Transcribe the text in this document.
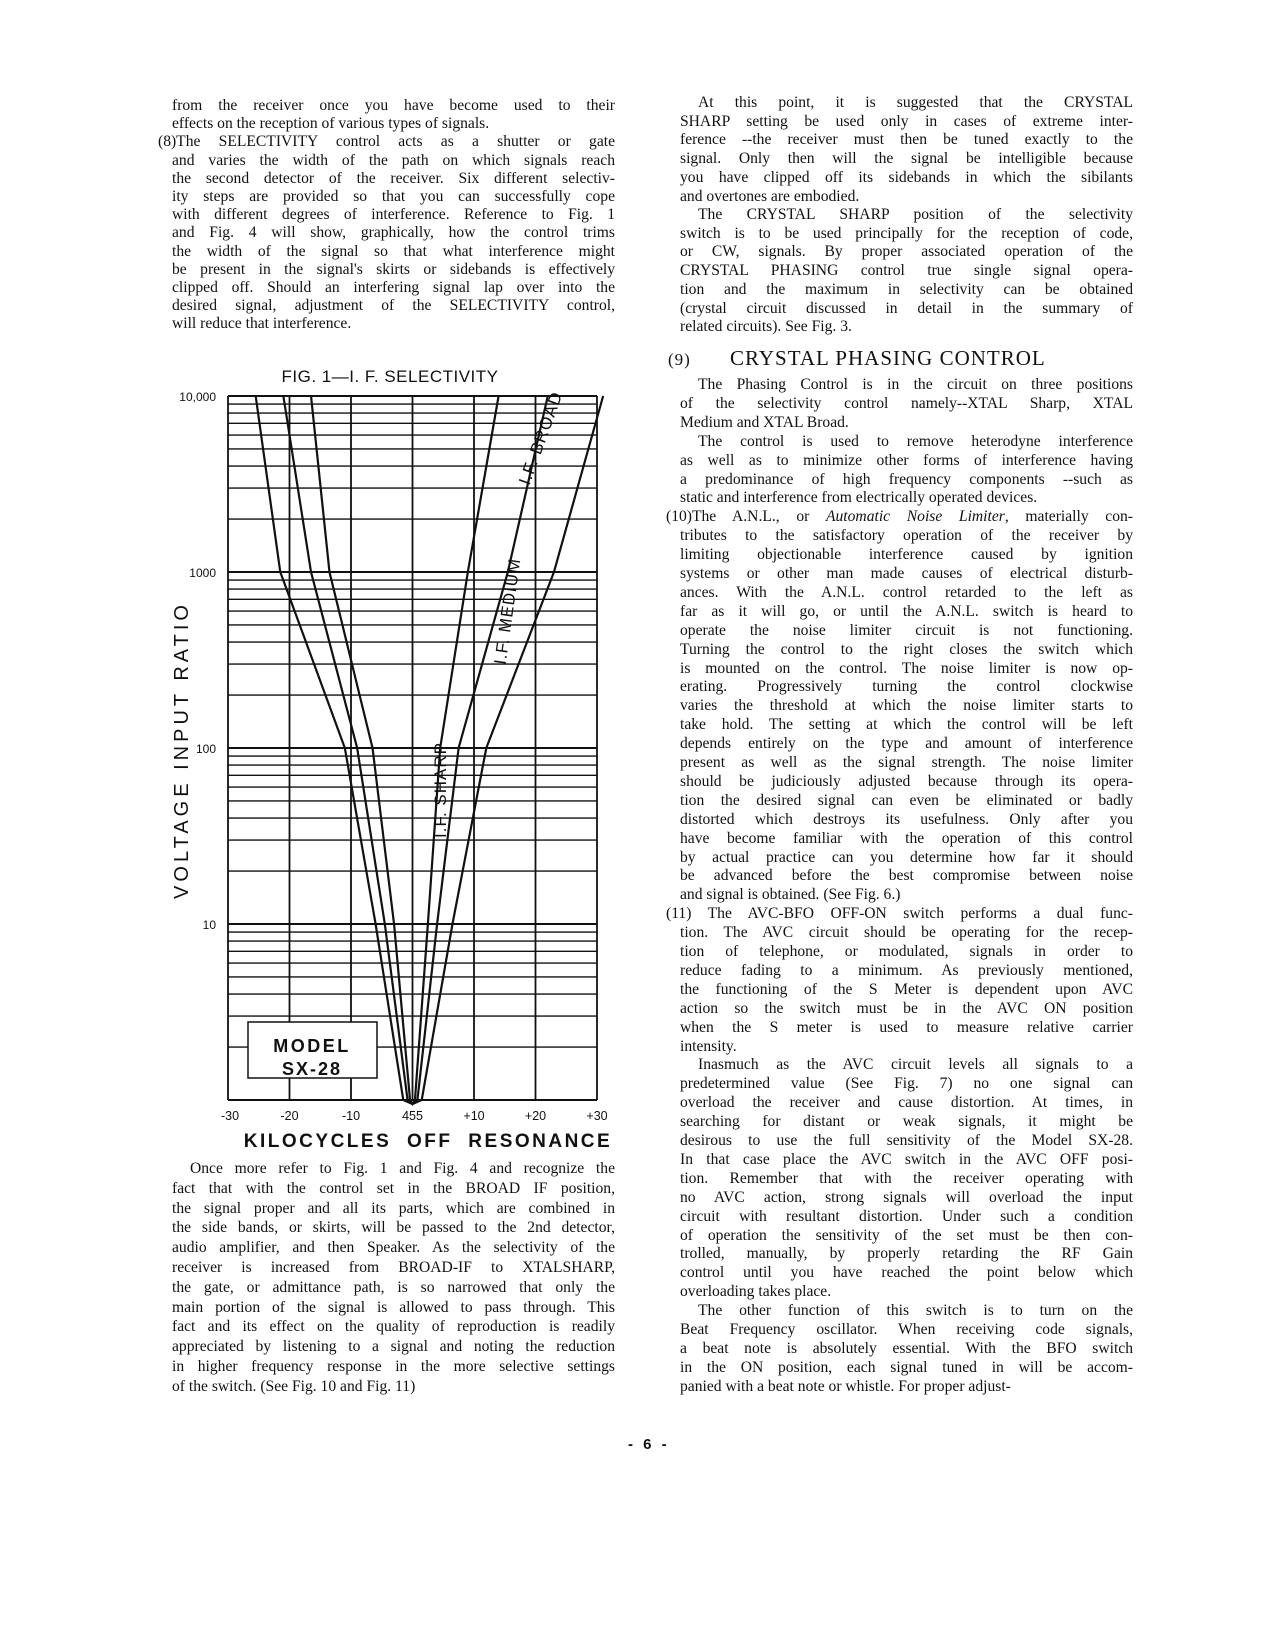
from the receiver once you have become used to their
effects on the reception of various types of signals.
(8)The SELECTIVITY control acts as a shutter or gate
and varies the width of the path on which signals reach
the second detector of the receiver. Six different selectiv-
ity steps are provided so that you can successfully cope
with different degrees of interference. Reference to Fig. 1
and Fig. 4 will show, graphically, how the control trims
the width of the signal so that what interference might
be present in the signal's skirts or sidebands is effectively
clipped off. Should an interfering signal lap over into the
desired signal, adjustment of the SELECTIVITY control,
will reduce that interference.
Once more refer to Fig. 1 and Fig. 4 and recognize the
fact that with the control set in the BROAD IF position,
the signal proper and all its parts, which are combined in
the side bands, or skirts, will be passed to the 2nd detector,
audio amplifier, and then Speaker. As the selectivity of the
receiver is increased from BROAD-IF to XTALSHARP,
the gate, or admittance path, is so narrowed that only the
main portion of the signal is allowed to pass through. This
fact and its effect on the quality of reproduction is readily
appreciated by listening to a signal and noting the reduction
in higher frequency response in the more selective settings
of the switch. (See Fig. 10 and Fig. 11)
At this point, it is suggested that the CRYSTAL
SHARP setting be used only in cases of extreme inter-
ference --the receiver must then be tuned exactly to the
signal. Only then will the signal be intelligible because
you have clipped off its sidebands in which the sibilants
and overtones are embodied.
The CRYSTAL SHARP position of the selectivity
switch is to be used principally for the reception of code,
or CW, signals. By proper associated operation of the
CRYSTAL PHASING control true single signal opera-
tion and the maximum in selectivity can be obtained
(crystal circuit discussed in detail in the summary of
related circuits). See Fig. 3.
The Phasing Control is in the circuit on three positions
of the selectivity control namely--XTAL Sharp, XTAL
Medium and XTAL Broad.
The control is used to remove heterodyne interference
as well as to minimize other forms of interference having
a predominance of high frequency components --such as
static and interference from electrically operated devices.
(10)The A.N.L., or Automatic Noise Limiter, materially con-
tributes to the satisfactory operation of the receiver by
limiting objectionable interference caused by ignition
systems or other man made causes of electrical disturb-
ances. With the A.N.L. control retarded to the left as
far as it will go, or until the A.N.L. switch is heard to
operate the noise limiter circuit is not functioning.
Turning the control to the right closes the switch which
is mounted on the control. The noise limiter is now op-
erating. Progressively turning the control clockwise
varies the threshold at which the noise limiter starts to
take hold. The setting at which the control will be left
depends entirely on the type and amount of interference
present as well as the signal strength. The noise limiter
should be judiciously adjusted because through its opera-
tion the desired signal can even be eliminated or badly
distorted which destroys its usefulness. Only after you
have become familiar with the operation of this control
by actual practice can you determine how far it should
be advanced before the best compromise between noise
and signal is obtained. (See Fig. 6.)
(11) The AVC-BFO OFF-ON switch performs a dual func-
tion. The AVC circuit should be operating for the recep-
tion of telephone, or modulated, signals in order to
reduce fading to a minimum. As previously mentioned,
the functioning of the S Meter is dependent upon AVC
action so the switch must be in the AVC ON position
when the S meter is used to measure relative carrier
intensity.
Inasmuch as the AVC circuit levels all signals to a
predetermined value (See Fig. 7) no one signal can
overload the receiver and cause distortion. At times, in
searching for distant or weak signals, it might be
desirous to use the full sensitivity of the Model SX-28.
In that case place the AVC switch in the AVC OFF posi-
tion. Remember that with the receiver operating with
no AVC action, strong signals will overload the input
circuit with resultant distortion. Under such a condition
of operation the sensitivity of the set must be then con-
trolled, manually, by properly retarding the RF Gain
control until you have reached the point below which
overloading takes place.
The other function of this switch is to turn on the
Beat Frequency oscillator. When receiving code signals,
a beat note is absolutely essential. With the BFO switch
in the ON position, each signal tuned in will be accom-
panied with a beat note or whistle. For proper adjust-
(9) CRYSTAL PHASING CONTROL
FIG. 1—I. F. SELECTIVITY
MODEL
SX-28
I.F. SHARP
I.F. MEDIUM
I.F. BROAD
10,000
1000
100
10
-30	-20	-10	455	+10	+20	+30
VOLTAGE INPUT RATIO
KILOCYCLES OFF RESONANCE
- 6 -
